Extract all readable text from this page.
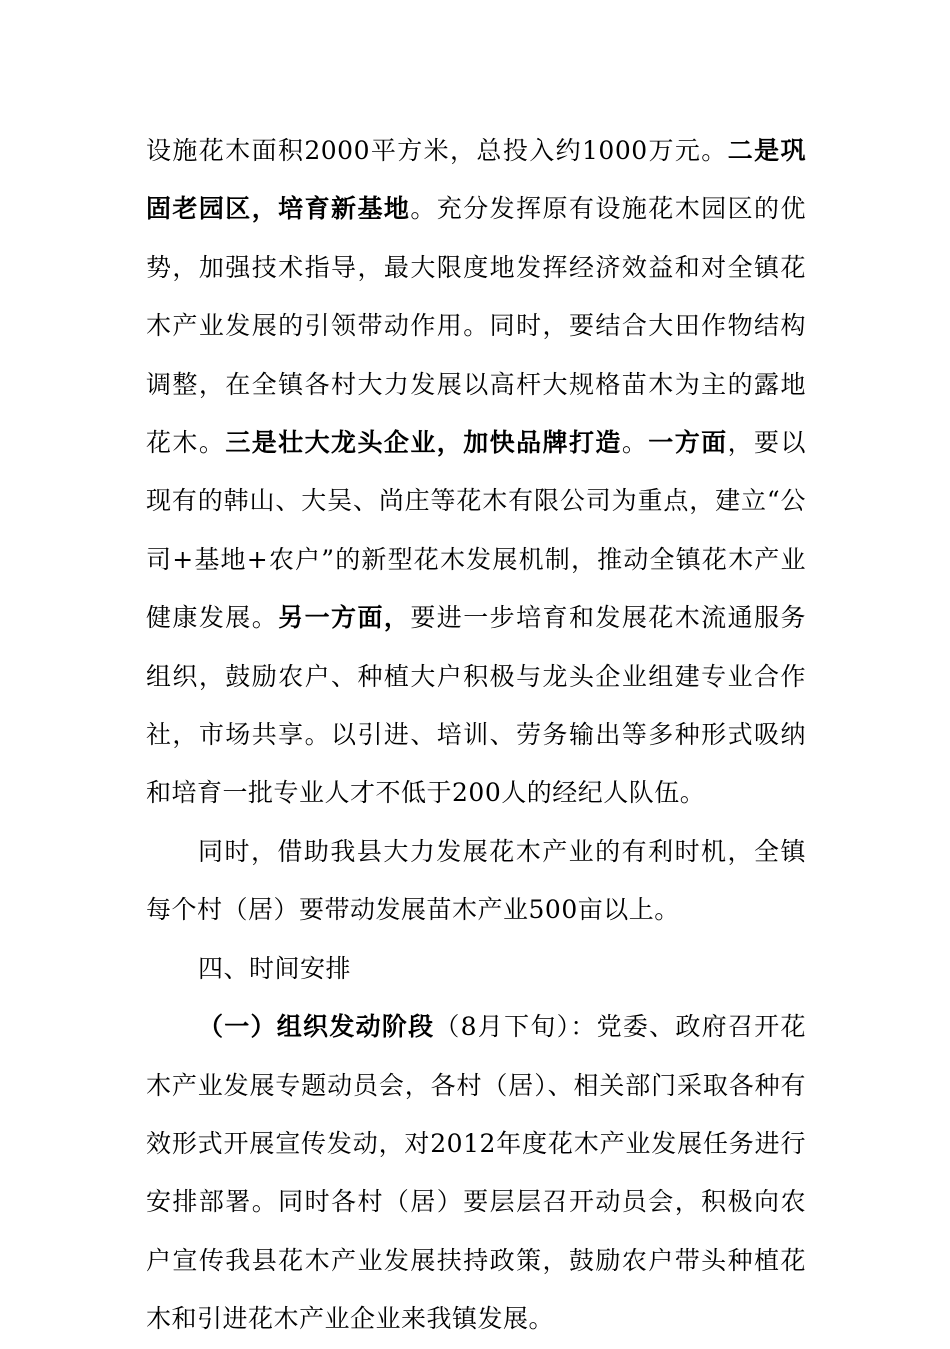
设施花木面积2000平方米，总投入约1000万元。二是巩固老园区，培育新基地。充分发挥原有设施花木园区的优势，加强技术指导，最大限度地发挥经济效益和对全镇花木产业发展的引领带动作用。同时，要结合大田作物结构调整，在全镇各村大力发展以高杆大规格苗木为主的露地花木。三是壮大龙头企业，加快品牌打造。一方面，要以现有的韩山、大吴、尚庄等花木有限公司为重点，建立“公司+基地+农户”的新型花木发展机制，推动全镇花木产业健康发展。另一方面，要进一步培育和发展花木流通服务组织，鼓励农户、种植大户积极与龙头企业组建专业合作社，市场共享。以引进、培训、劳务输出等多种形式吸纳和培育一批专业人才不低于200人的经纪人队伍。

同时，借助我县大力发展花木产业的有利时机，全镇每个村（居）要带动发展苗木产业500亩以上。

四、时间安排

（一）组织发动阶段（8月下旬）：党委、政府召开花木产业发展专题动员会，各村（居）、相关部门采取各种有效形式开展宣传发动，对2012年度花木产业发展任务进行安排部署。同时各村（居）要层层召开动员会，积极向农户宣传我县花木产业发展扶持政策，鼓励农户带头种植花木和引进花木产业企业来我镇发展。
